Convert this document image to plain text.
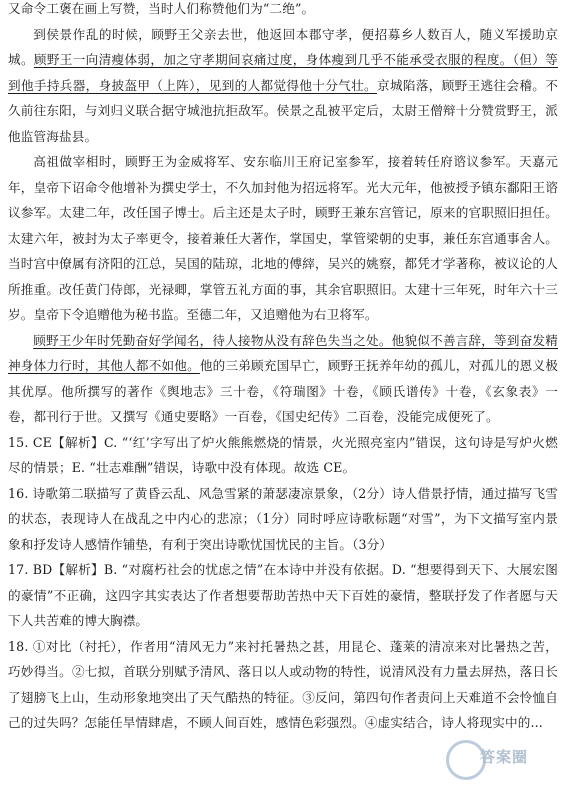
又命令工褒在画上写赞，当时人们称赞他们为“二绝”。

到侯景作乱的时候，顾野王父亲去世，他返回本郡守孝，便招募乡人数百人，随义军援助京城。顾野王一向清瘦体弱，加之守孝期间哀痛过度，身体瘦到几乎不能承受衣服的程度。（但）等到他手持兵器，身披盔甲（上阵），见到的人都觉得他十分气壮。京城陷落，顾野王逃往会稽。不久前往东阳，与刘归义联合据守城池抗拒敌军。侯景之乱被平定后，太尉王僧辩十分赞赏野王，派他监管海盐县。

高祖做宰相时，顾野王为金威将军、安东临川王府记室参军，接着转任府谘议参军。天嘉元年，皇帝下诏命令他增补为撰史学士，不久加封他为招远将军。光大元年，他被授予镇东鄱阳王谘议参军。太建二年，改任国子博士。后主还是太子时，顾野王兼东宫管记，原来的官职照旧担任。太建六年，被封为太子率更令，接着兼任大著作，掌国史，掌管梁朝的史事，兼任东宫通事舍人。当时宫中僚属有济阳的江总，吴国的陆琼，北地的傅縡，吴兴的姚察，都凭才学著称，被议论的人所推重。改任黄门侍郎，光禄卿，掌管五礼方面的事，其余官职照旧。太建十三年死，时年六十三岁。皇帝下令追赠他为秘书监。至德二年，又追赠他为右卫将军。

顾野王少年时凭勤奋好学闻名，待人接物从没有辞色失当之处。他貌似不善言辞，等到奋发精神身体力行时，其他人都不如他。他的三弟顾充国早亡，顾野王抚养年幼的孤儿，对孤儿的恩义极其优厚。他所撰写的著作《舆地志》三十卷，《符瑞图》十卷，《顾氏谱传》十卷，《玄象表》一卷，都刊行于世。又撰写《通史要略》一百卷，《国史纪传》二百卷，没能完成便死了。

15. CE【解析】C. “‘红’字写出了炉火熊熊燃烧的情景，火光照亮室内”错误，这句诗是写炉火燃尽的情景；E. “壮志难酬”错误，诗歌中没有体现。故选 CE。

16. 诗歌第二联描写了黄昏云乱、风急雪紧的萧瑟凄凉景象，（2分）诗人借景抒情，通过描写飞雪的状态，表现诗人在战乱之中内心的悲凉；（1分）同时呼应诗歌标题“对雪”，为下文描写室内景象和抒发诗人感情作铺垫，有利于突出诗歌忧国忧民的主旨。（3分）

17. BD【解析】B. “对腐朽社会的忧虑之情”在本诗中并没有依据。D. “想要得到天下、大展宏图的豪情”不正确，这四字其实表达了作者想要帮助苦热中天下百姓的豪情，整联抒发了作者愿与天下人共苦难的博大胸襟。

18. ①对比（衬托），作者用“清风无力”来衬托暑热之甚，用昆仑、蓬莱的清凉来对比暑热之苦，巧妙得当。②七拟，首联分别赋予清风、落日以人或动物的特性，说清风没有力量去屏热，落日长了翅膀飞上山，生动形象地突出了天气酷热的特征。③反问，第四句作者责问上天难道不会怜恤自己的过失吗？怎能任旱情肆虐，不顾人间百姓，感情色彩强烈。④虚实结合，诗人将现实中的...

答案圈
